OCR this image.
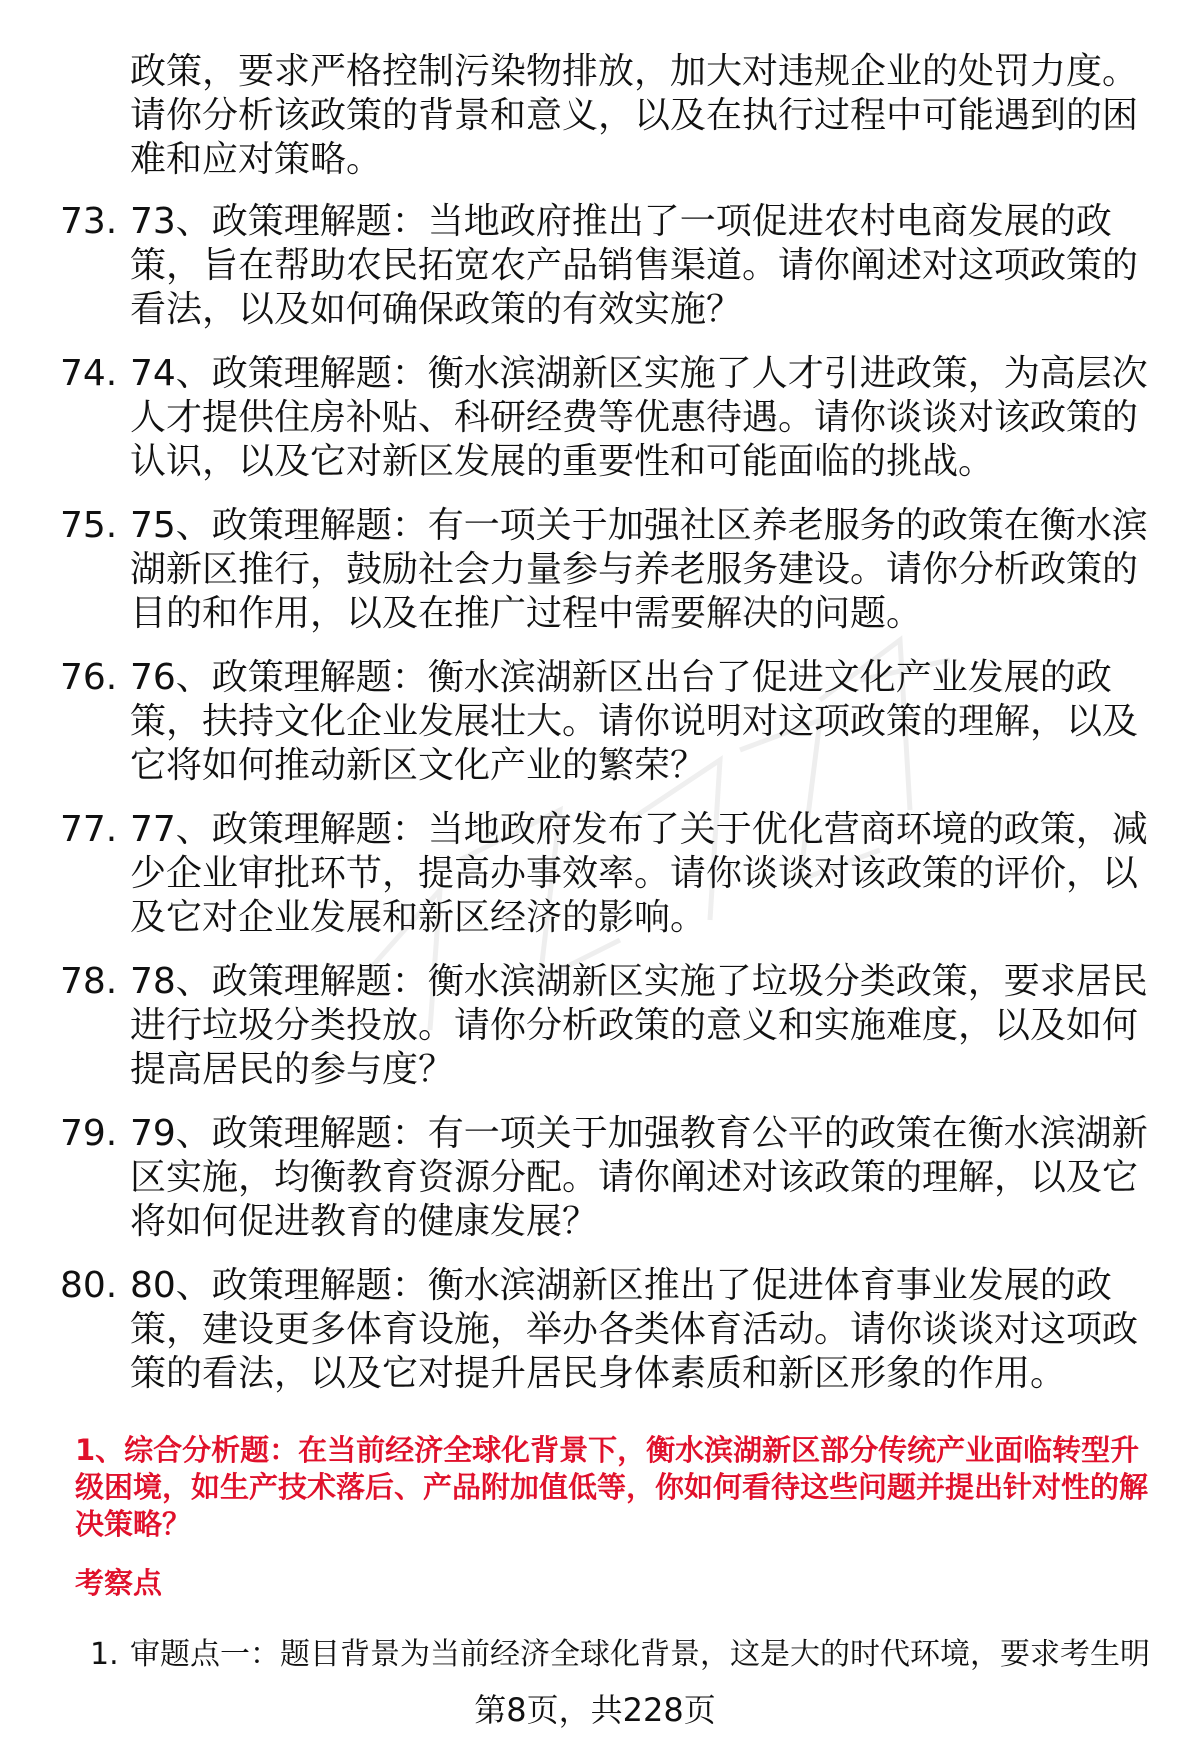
政策，要求严格控制污染物排放，加大对违规企业的处罚力度。请你分析该政策的背景和意义，以及在执行过程中可能遇到的困难和应对策略。

73. 73、政策理解题：当地政府推出了一项促进农村电商发展的政策，旨在帮助农民拓宽农产品销售渠道。请你阐述对这项政策的看法，以及如何确保政策的有效实施？
74. 74、政策理解题：衡水滨湖新区实施了人才引进政策，为高层次人才提供住房补贴、科研经费等优惠待遇。请你谈谈对该政策的认识，以及它对新区发展的重要性和可能面临的挑战。
75. 75、政策理解题：有一项关于加强社区养老服务的政策在衡水滨湖新区推行，鼓励社会力量参与养老服务建设。请你分析政策的目的和作用，以及在推广过程中需要解决的问题。
76. 76、政策理解题：衡水滨湖新区出台了促进文化产业发展的政策，扶持文化企业发展壮大。请你说明对这项政策的理解，以及它将如何推动新区文化产业的繁荣？
77. 77、政策理解题：当地政府发布了关于优化营商环境的政策，减少企业审批环节，提高办事效率。请你谈谈对该政策的评价，以及它对企业发展和新区经济的影响。
78. 78、政策理解题：衡水滨湖新区实施了垃圾分类政策，要求居民进行垃圾分类投放。请你分析政策的意义和实施难度，以及如何提高居民的参与度？
79. 79、政策理解题：有一项关于加强教育公平的政策在衡水滨湖新区实施，均衡教育资源分配。请你阐述对该政策的理解，以及它将如何促进教育的健康发展？
80. 80、政策理解题：衡水滨湖新区推出了促进体育事业发展的政策，建设更多体育设施，举办各类体育活动。请你谈谈对这项政策的看法，以及它对提升居民身体素质和新区形象的作用。

1、综合分析题：在当前经济全球化背景下，衡水滨湖新区部分传统产业面临转型升级困境，如生产技术落后、产品附加值低等，你如何看待这些问题并提出针对性的解决策略？

考察点

1. 审题点一：题目背景为当前经济全球化背景，这是大的时代环境，要求考生明

第8页，共228页
